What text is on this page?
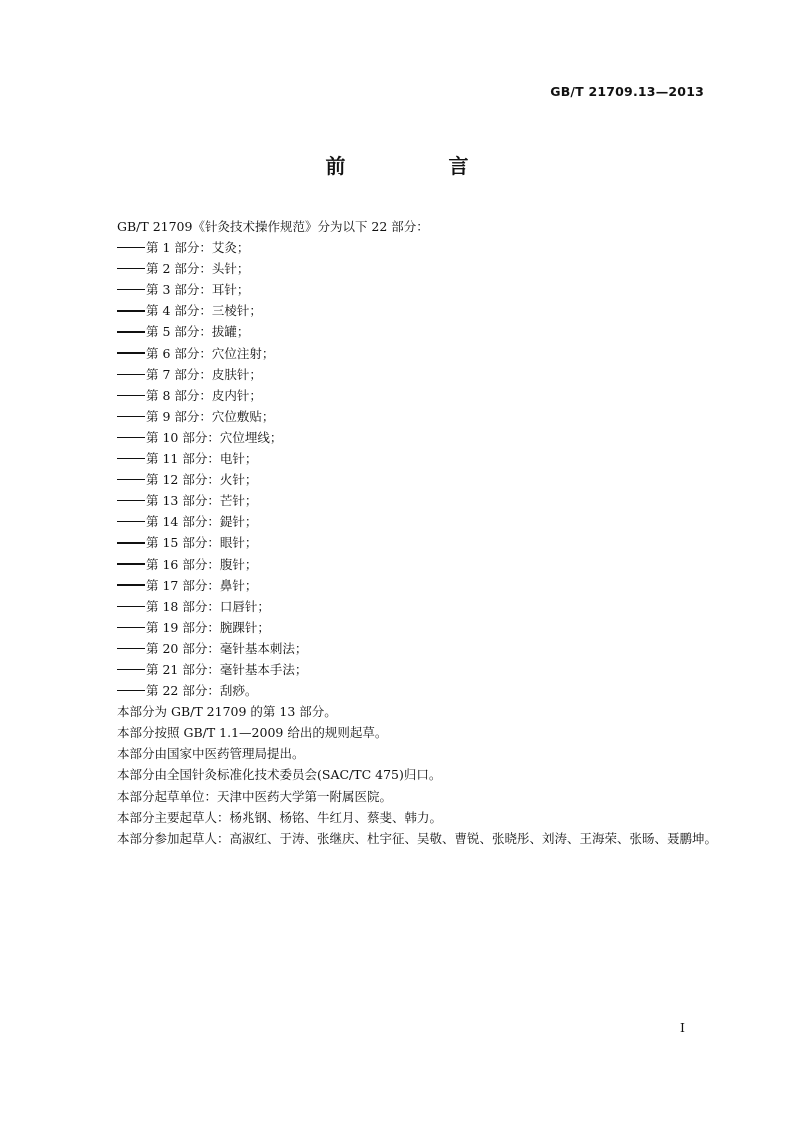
GB/T 21709.13—2013
前 言
GB/T 21709《针灸技术操作规范》分为以下 22 部分：
第 1 部分：艾灸；
第 2 部分：头针；
第 3 部分：耳针；
第 4 部分：三棱针；
第 5 部分：拔罐；
第 6 部分：穴位注射；
第 7 部分：皮肤针；
第 8 部分：皮内针；
第 9 部分：穴位敷贴；
第 10 部分：穴位埋线；
第 11 部分：电针；
第 12 部分：火针；
第 13 部分：芒针；
第 14 部分：鍉针；
第 15 部分：眼针；
第 16 部分：腹针；
第 17 部分：鼻针；
第 18 部分：口唇针；
第 19 部分：腕踝针；
第 20 部分：毫针基本刺法；
第 21 部分：毫针基本手法；
第 22 部分：刮痧。
本部分为 GB/T 21709 的第 13 部分。
本部分按照 GB/T 1.1—2009 给出的规则起草。
本部分由国家中医药管理局提出。
本部分由全国针灸标准化技术委员会(SAC/TC 475)归口。
本部分起草单位：天津中医药大学第一附属医院。
本部分主要起草人：杨兆钢、杨铭、牛红月、蔡斐、韩力。
本部分参加起草人：高淑红、于涛、张继庆、杜宇征、吴敬、曹锐、张晓彤、刘涛、王海荣、张旸、聂鹏坤。
I
